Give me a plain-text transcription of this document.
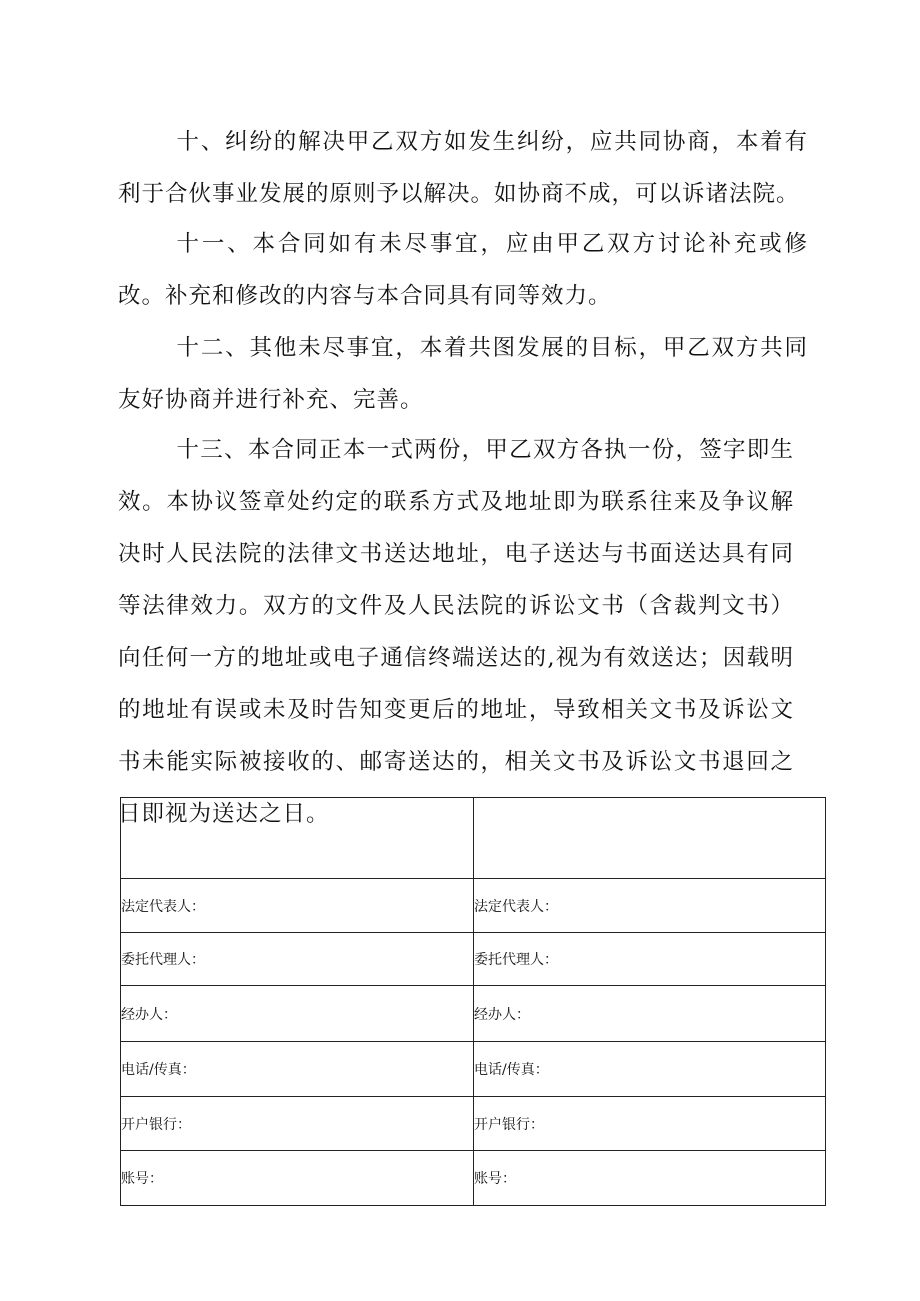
十、纠纷的解决甲乙双方如发生纠纷，应共同协商，本着有利于合伙事业发展的原则予以解决。如协商不成，可以诉诸法院。

十一、本合同如有未尽事宜，应由甲乙双方讨论补充或修改。补充和修改的内容与本合同具有同等效力。

十二、其他未尽事宜，本着共图发展的目标，甲乙双方共同友好协商并进行补充、完善。

十三、本合同正本一式两份，甲乙双方各执一份，签字即生效。本协议签章处约定的联系方式及地址即为联系往来及争议解决时人民法院的法律文书送达地址，电子送达与书面送达具有同等法律效力。双方的文件及人民法院的诉讼文书（含裁判文书）向任何一方的地址或电子通信终端送达的,视为有效送达；因载明的地址有误或未及时告知变更后的地址，导致相关文书及诉讼文书未能实际被接收的、邮寄送达的，相关文书及诉讼文书退回之日即视为送达之日。

法定代表人：	法定代表人：
委托代理人：	委托代理人：
经办人：	经办人：
电话/传真：	电话/传真：
开户银行：	开户银行：
账号：	账号：
